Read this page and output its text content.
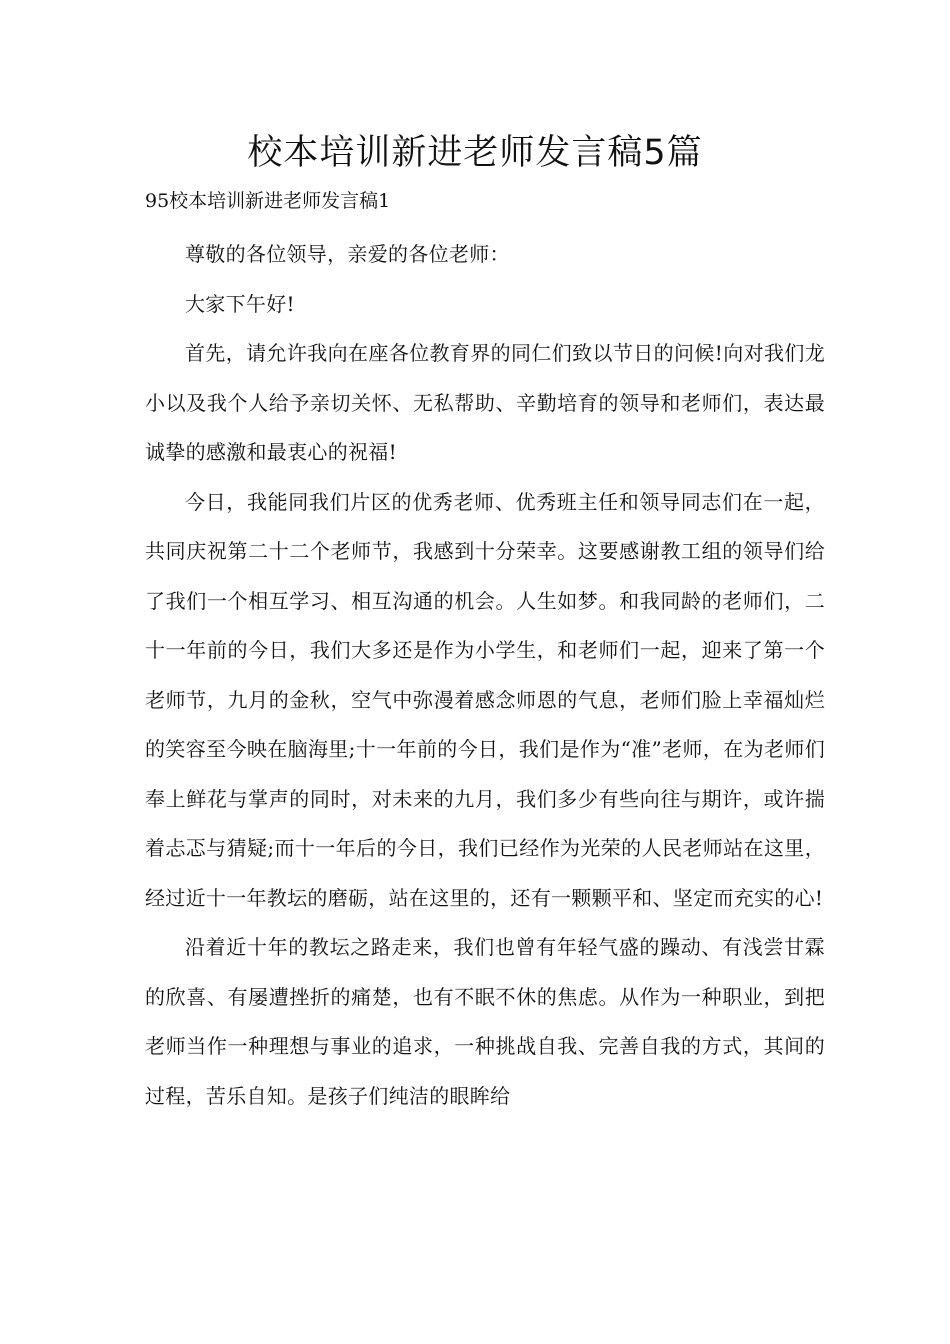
校本培训新进老师发言稿5篇
95校本培训新进老师发言稿1

尊敬的各位领导，亲爱的各位老师：

大家下午好!

首先，请允许我向在座各位教育界的同仁们致以节日的问候!向对我们龙小以及我个人给予亲切关怀、无私帮助、辛勤培育的领导和老师们，表达最诚挚的感激和最衷心的祝福!

今日，我能同我们片区的优秀老师、优秀班主任和领导同志们在一起，共同庆祝第二十二个老师节，我感到十分荣幸。这要感谢教工组的领导们给了我们一个相互学习、相互沟通的机会。人生如梦。和我同龄的老师们，二十一年前的今日，我们大多还是作为小学生，和老师们一起，迎来了第一个老师节，九月的金秋，空气中弥漫着感念师恩的气息，老师们脸上幸福灿烂的笑容至今映在脑海里;十一年前的今日，我们是作为“准”老师，在为老师们奉上鲜花与掌声的同时，对未来的九月，我们多少有些向往与期许，或许揣着忐忑与猜疑;而十一年后的今日，我们已经作为光荣的人民老师站在这里，经过近十一年教坛的磨砺，站在这里的，还有一颗颗平和、坚定而充实的心!

沿着近十年的教坛之路走来，我们也曾有年轻气盛的躁动、有浅尝甘霖的欣喜、有屡遭挫折的痛楚，也有不眠不休的焦虑。从作为一种职业，到把老师当作一种理想与事业的追求，一种挑战自我、完善自我的方式，其间的过程，苦乐自知。是孩子们纯洁的眼眸给
